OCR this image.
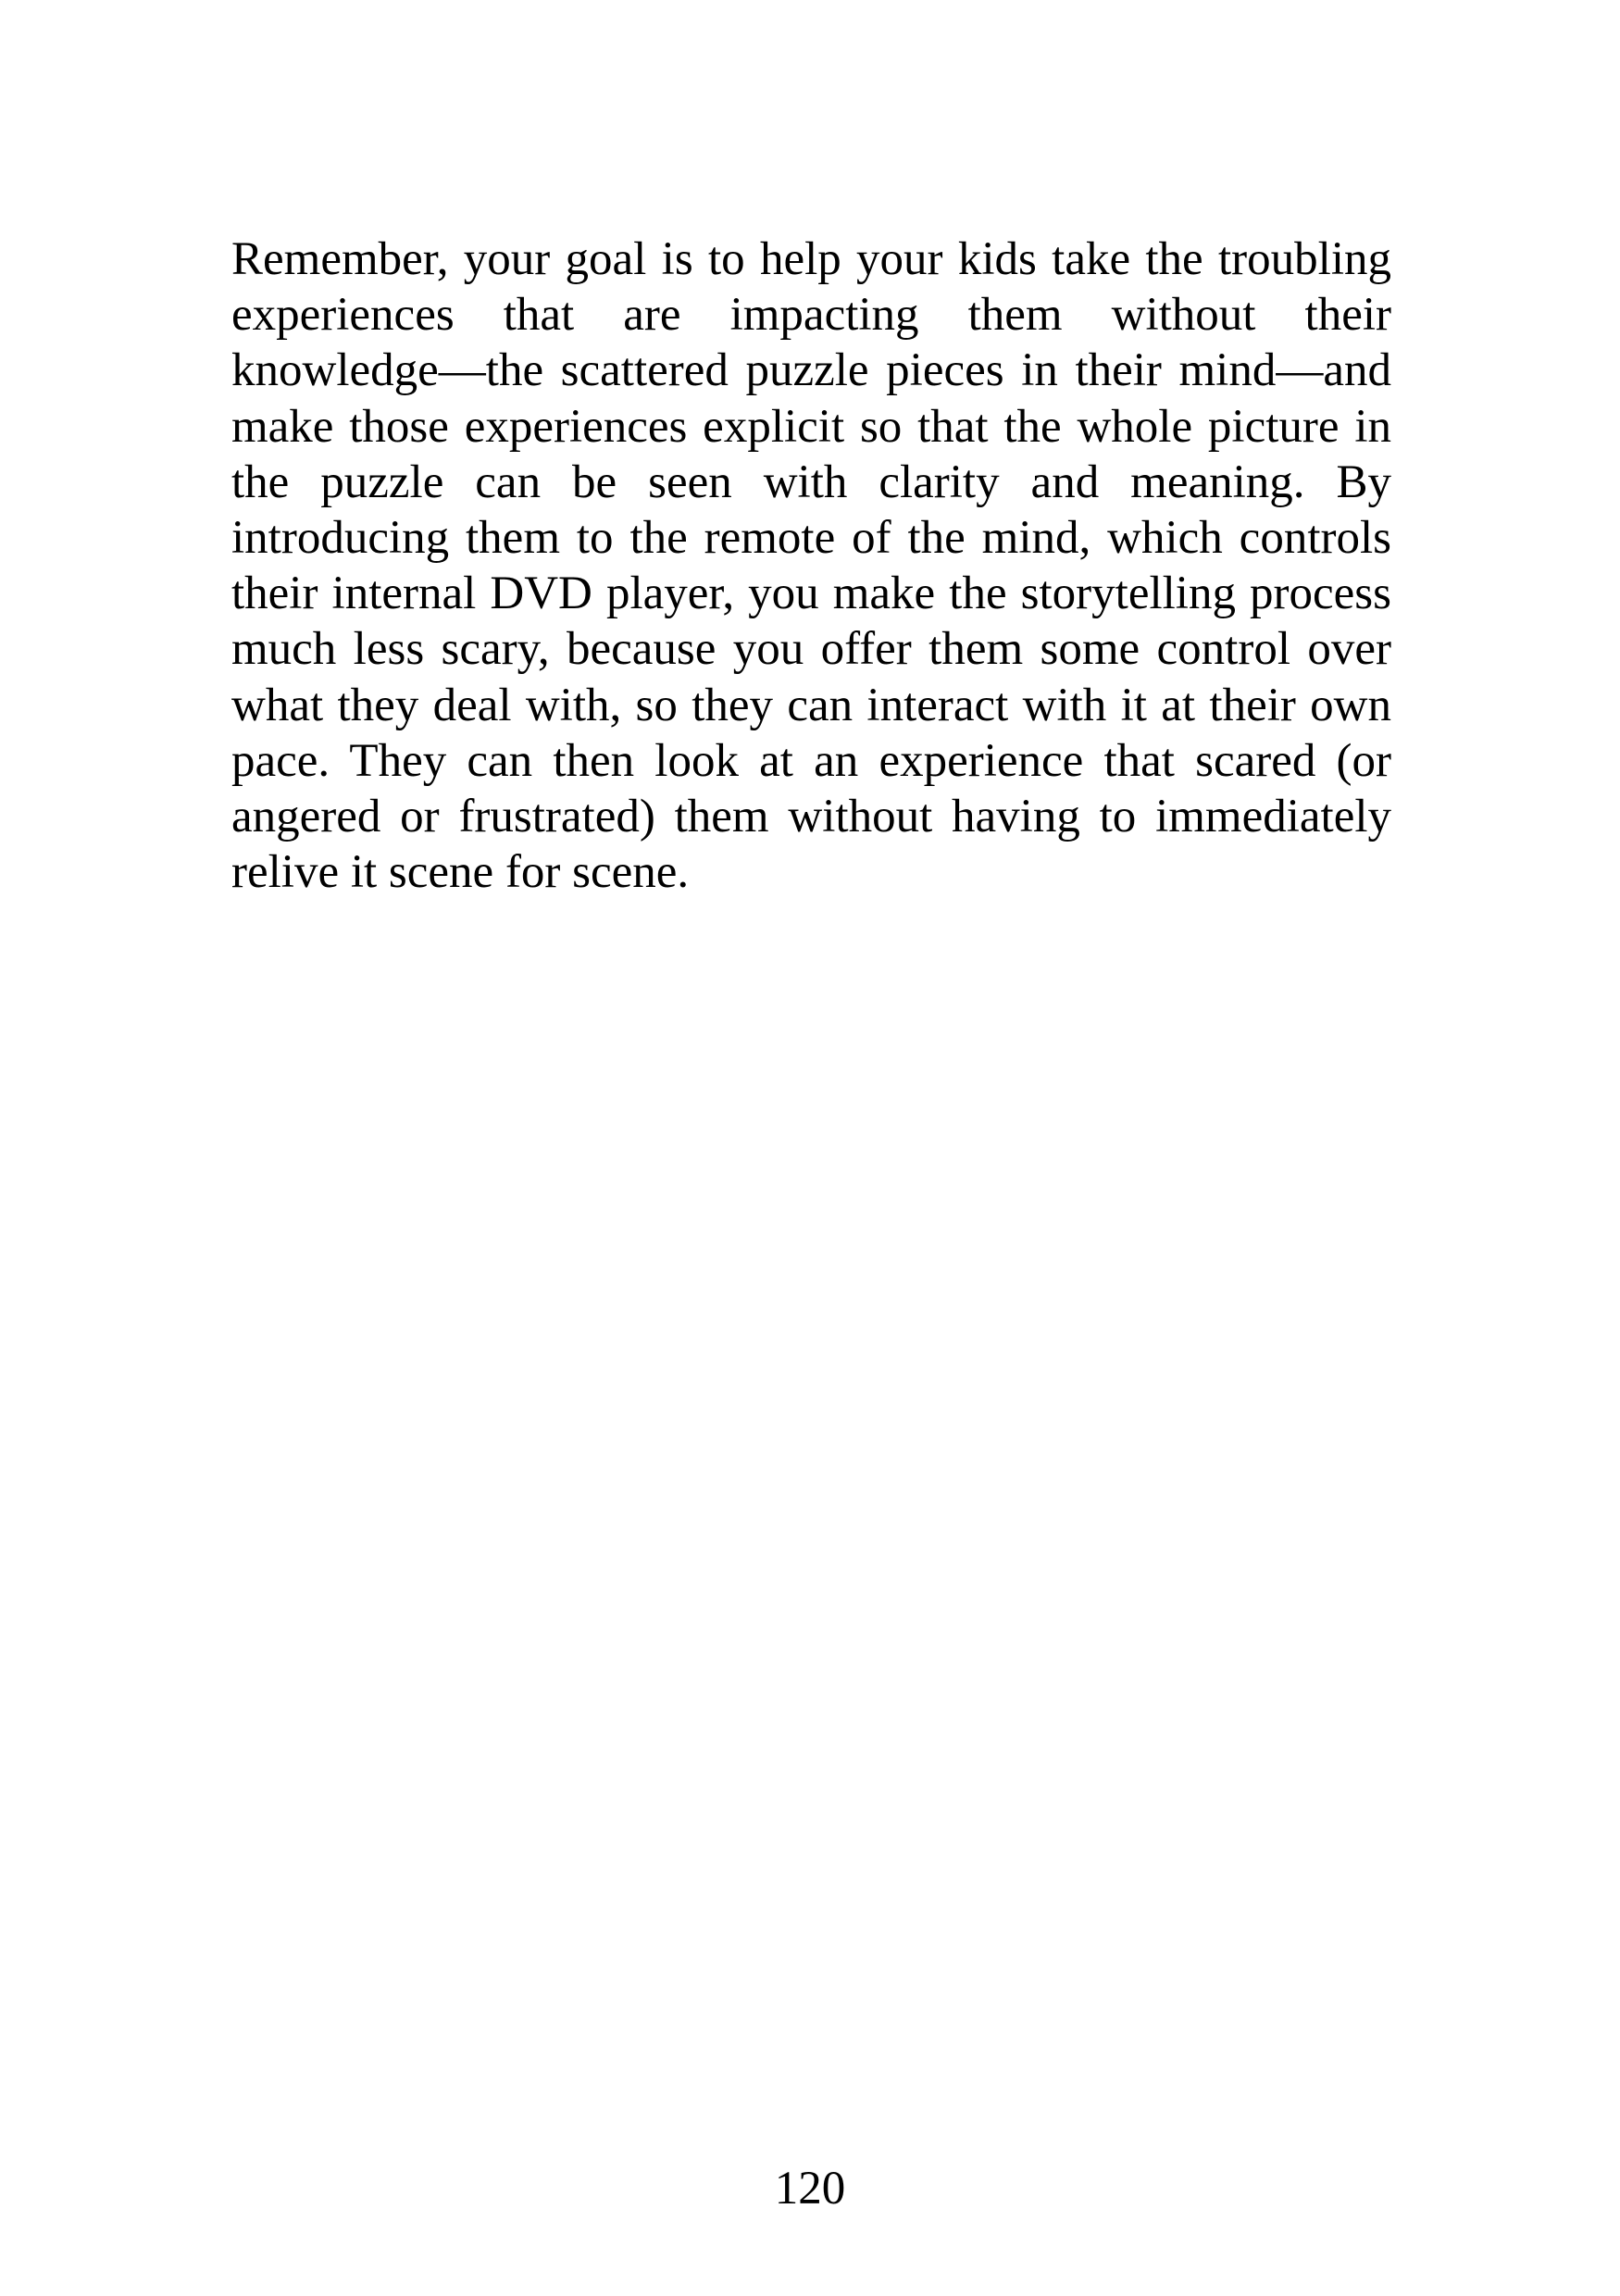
Remember, your goal is to help your kids take the troubling
experiences that are impacting them without their
knowledge—the scattered puzzle pieces in their mind—and
make those experiences explicit so that the whole picture in
the puzzle can be seen with clarity and meaning. By
introducing them to the remote of the mind, which controls
their internal DVD player, you make the storytelling process
much less scary, because you offer them some control over
what they deal with, so they can interact with it at their own
pace. They can then look at an experience that scared (or
angered or frustrated) them without having to immediately
relive it scene for scene.
120
